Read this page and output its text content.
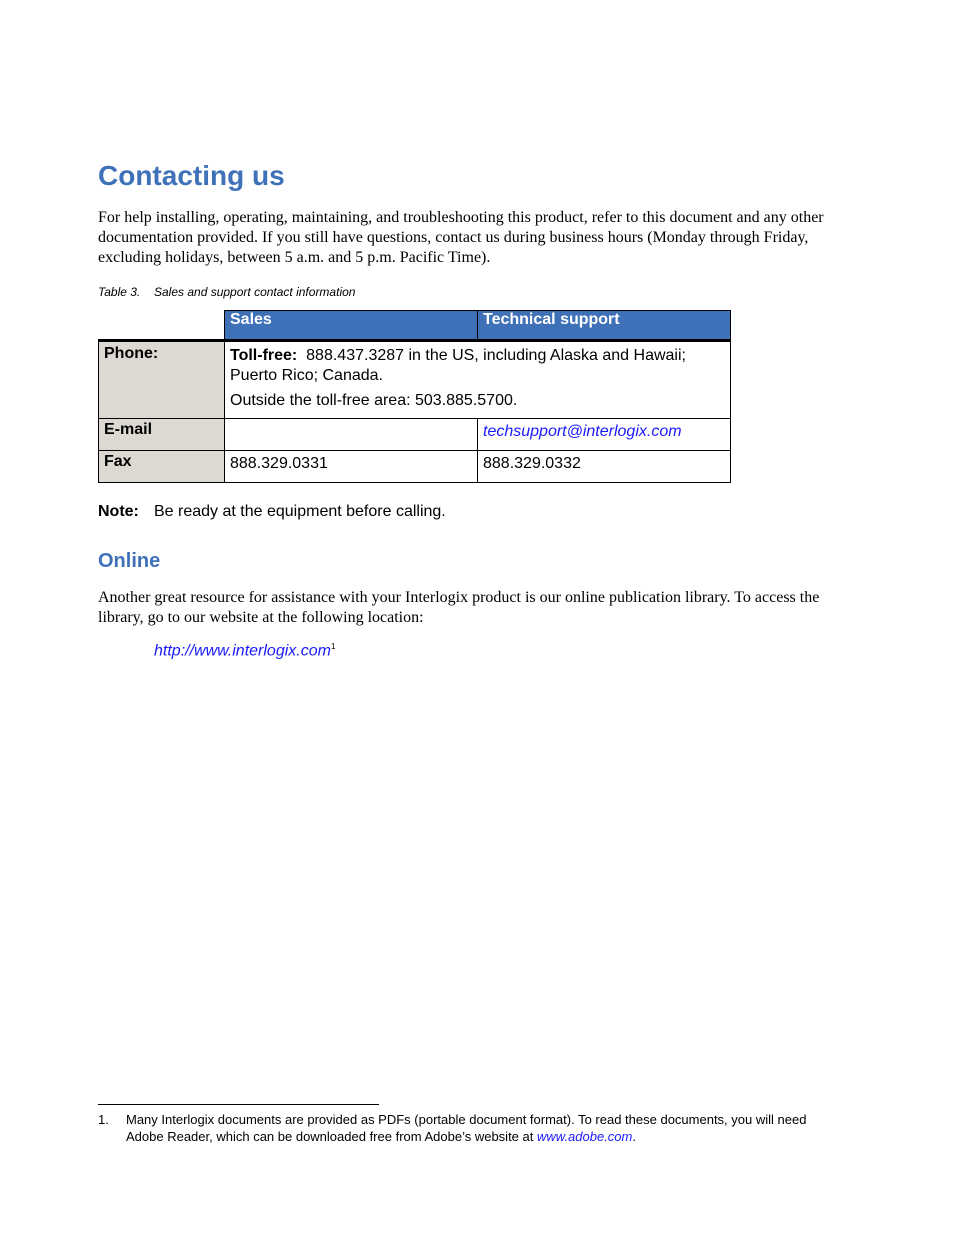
Contacting us

For help installing, operating, maintaining, and troubleshooting this product, refer to this document and any other documentation provided. If you still have questions, contact us during business hours (Monday through Friday, excluding holidays, between 5 a.m. and 5 p.m. Pacific Time).

Table 3. Sales and support contact information

	Sales	Technical support
Phone:	Toll-free: 888.437.3287 in the US, including Alaska and Hawaii; Puerto Rico; Canada.
Outside the toll-free area: 503.885.5700.	

E-mail		techsupport@interlogix.com
Fax	888.329.0331	888.329.0332

Note: Be ready at the equipment before calling.

Online

Another great resource for assistance with your Interlogix product is our online publication library. To access the library, go to our website at the following location:

http://www.interlogix.com$^1$

1. Many Interlogix documents are provided as PDFs (portable document format). To read these documents, you will need Adobe Reader, which can be downloaded free from Adobe’s website at www.adobe.com.
